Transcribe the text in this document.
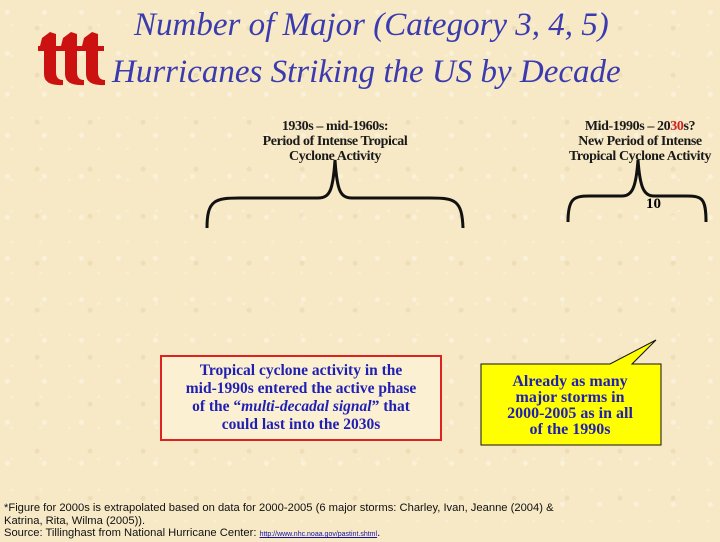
Number of Major (Category 3, 4, 5)
Hurricanes Striking the US by Decade
1930s – mid-1960s:
Period of Intense Tropical
Cyclone Activity
Mid-1990s – 2030s?
New Period of Intense
Tropical Cyclone Activity
10
Tropical cyclone activity in the
mid-1990s entered the active phase
of the “multi-decadal signal” that
could last into the 2030s
Already as many
major storms in
2000-2005 as in all
of the 1990s
*Figure for 2000s is extrapolated based on data for 2000-2005 (6 major storms: Charley, Ivan, Jeanne (2004) &
Katrina, Rita, Wilma (2005)).
Source: Tillinghast from National Hurricane Center: http://www.nhc.noaa.gov/pastint.shtml.
